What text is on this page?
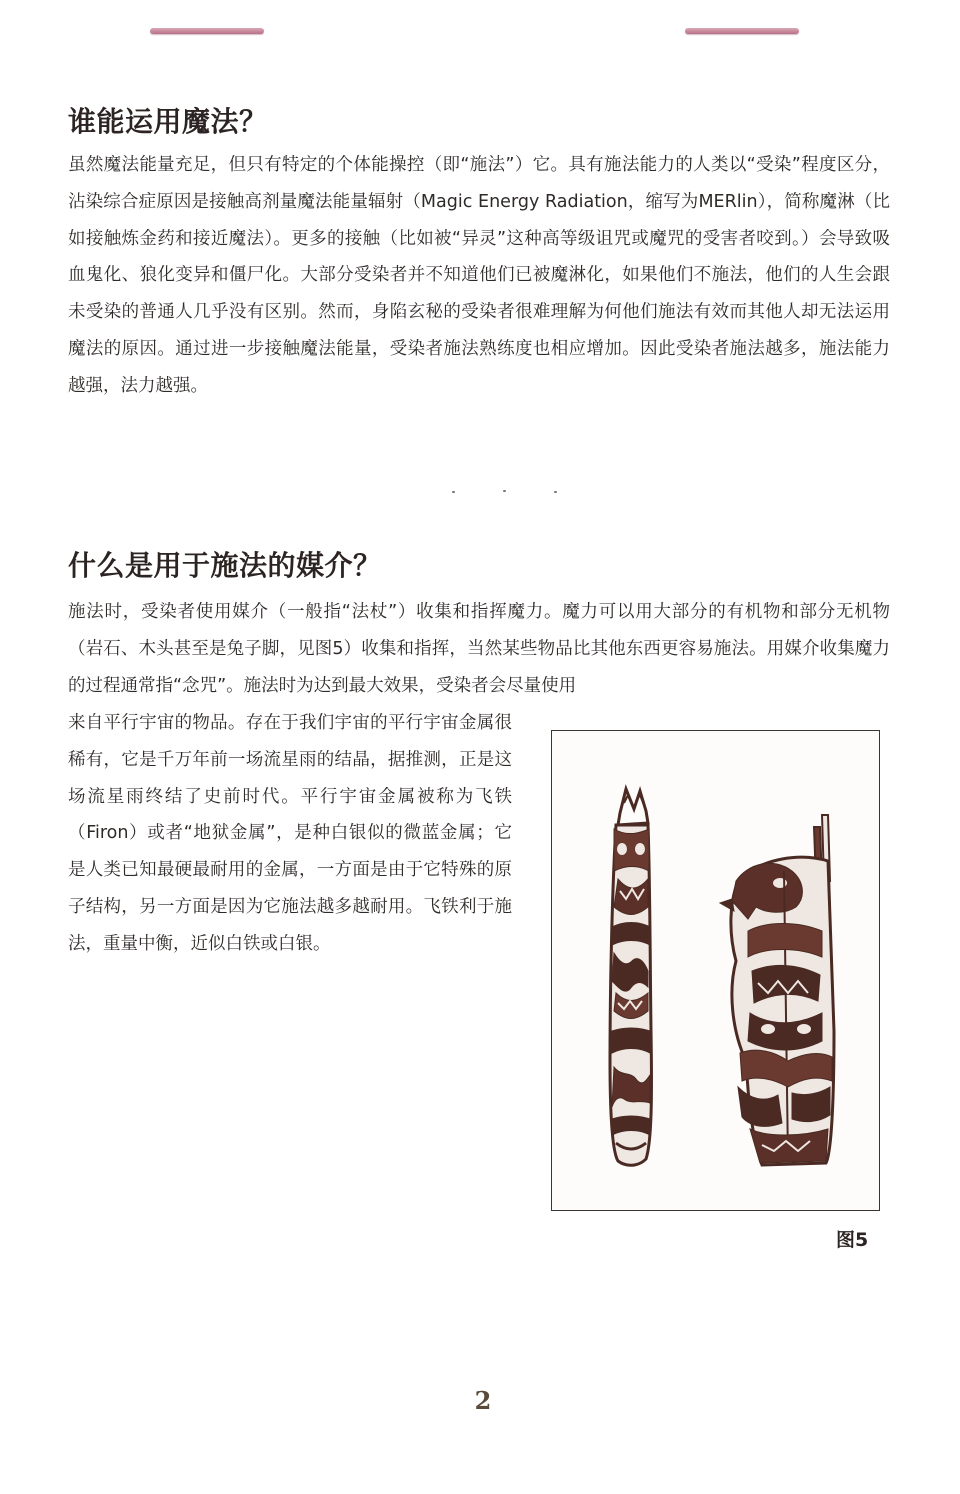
谁能运用魔法？

虽然魔法能量充足，但只有特定的个体能操控（即“施法”）它。具有施法能力的人类以“受染”程度区分，沾染综合症原因是接触高剂量魔法能量辐射（Magic Energy Radiation，缩写为MERlin），简称魔淋（比如接触炼金药和接近魔法）。更多的接触（比如被“异灵”这种高等级诅咒或魔咒的受害者咬到。）会导致吸血鬼化、狼化变异和僵尸化。大部分受染者并不知道他们已被魔淋化，如果他们不施法，他们的人生会跟未受染的普通人几乎没有区别。然而，身陷玄秘的受染者很难理解为何他们施法有效而其他人却无法运用魔法的原因。通过进一步接触魔法能量，受染者施法熟练度也相应增加。因此受染者施法越多，施法能力越强，法力越强。

什么是用于施法的媒介？

施法时，受染者使用媒介（一般指“法杖”）收集和指挥魔力。魔力可以用大部分的有机物和部分无机物（岩石、木头甚至是兔子脚，见图5）收集和指挥，当然某些物品比其他东西更容易施法。用媒介收集魔力的过程通常指“念咒”。施法时为达到最大效果，受染者会尽量使用

来自平行宇宙的物品。存在于我们宇宙的平行宇宙金属很稀有，它是千万年前一场流星雨的结晶，据推测，正是这场流星雨终结了史前时代。平行宇宙金属被称为飞铁（Firon）或者“地狱金属”，是种白银似的微蓝金属；它是人类已知最硬最耐用的金属，一方面是由于它特殊的原子结构，另一方面是因为它施法越多越耐用。飞铁利于施法，重量中衡，近似白铁或白银。

图5

2
